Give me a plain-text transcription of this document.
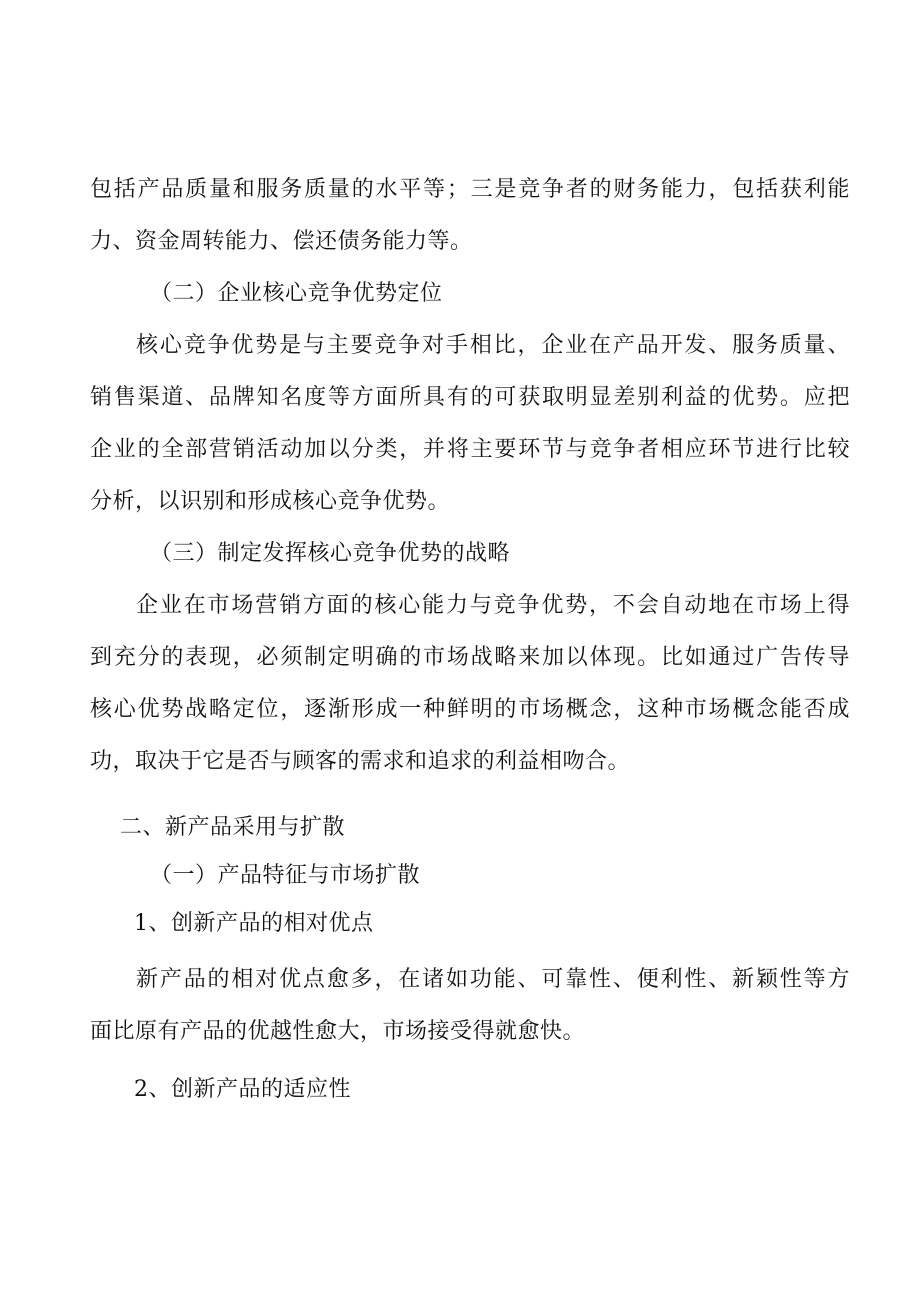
包括产品质量和服务质量的水平等；三是竞争者的财务能力，包括获利能
力、资金周转能力、偿还债务能力等。
（二）企业核心竞争优势定位
核心竞争优势是与主要竞争对手相比，企业在产品开发、服务质量、
销售渠道、品牌知名度等方面所具有的可获取明显差别利益的优势。应把
企业的全部营销活动加以分类，并将主要环节与竞争者相应环节进行比较
分析，以识别和形成核心竞争优势。
（三）制定发挥核心竞争优势的战略
企业在市场营销方面的核心能力与竞争优势，不会自动地在市场上得
到充分的表现，必须制定明确的市场战略来加以体现。比如通过广告传导
核心优势战略定位，逐渐形成一种鲜明的市场概念，这种市场概念能否成
功，取决于它是否与顾客的需求和追求的利益相吻合。
二、新产品采用与扩散
（一）产品特征与市场扩散
1、创新产品的相对优点
新产品的相对优点愈多，在诸如功能、可靠性、便利性、新颖性等方
面比原有产品的优越性愈大，市场接受得就愈快。
2、创新产品的适应性
